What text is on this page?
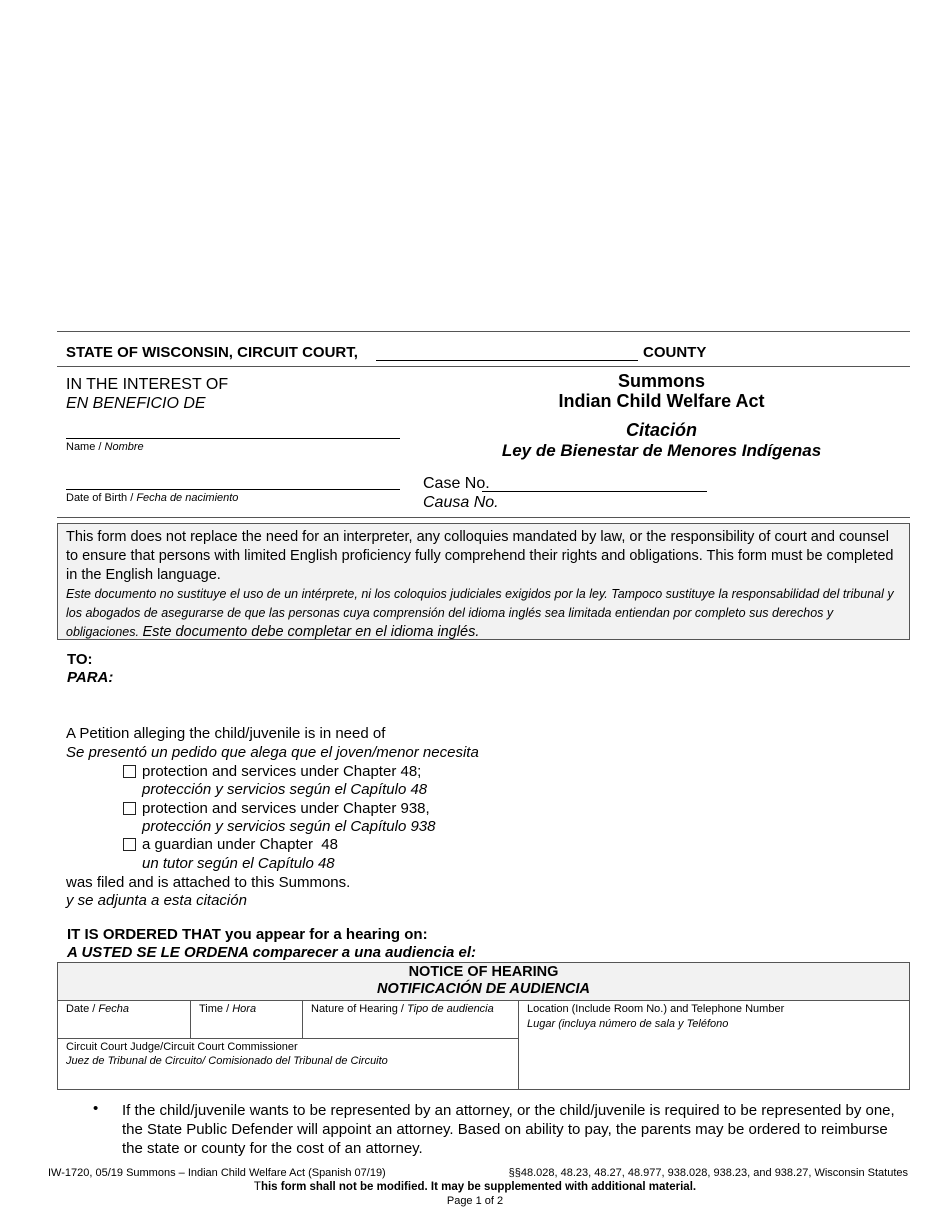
STATE OF WISCONSIN, CIRCUIT COURT,	COUNTY
IN THE INTEREST OF
EN BENEFICIO DE
Name / Nombre
Date of Birth / Fecha de nacimiento
Summons
Indian Child Welfare Act
Citación
Ley de Bienestar de Menores Indígenas
Case No.
Causa No.

This form does not replace the need for an interpreter, any colloquies mandated by law, or the responsibility of court and counsel to ensure that persons with limited English proficiency fully comprehend their rights and obligations. This form must be completed in the English language.

Este documento no sustituye el uso de un intérprete, ni los coloquios judiciales exigidos por la ley. Tampoco sustituye la responsabilidad del tribunal y los abogados de asegurarse de que las personas cuya comprensión del idioma inglés sea limitada entiendan por completo sus derechos y obligaciones. Este documento debe completar en el idioma inglés.

TO:
PARA:
A Petition alleging the child/juvenile is in need of
Se presentó un pedido que alega que el joven/menor necesita
protection and services under Chapter 48;
protección y servicios según el Capítulo 48
protection and services under Chapter 938,
protección y servicios según el Capítulo 938
a guardian under Chapter  48
un tutor según el Capítulo 48
was filed and is attached to this Summons.
y se adjunta a esta citación
IT IS ORDERED THAT you appear for a hearing on:
A USTED SE LE ORDENA comparecer a una audiencia el:
NOTICE OF HEARING
NOTIFICACIÓN DE AUDIENCIA
Date / Fecha	Time / Hora	Nature of Hearing / Tipo de audiencia	Location (Include Room No.) and Telephone Number
Lugar (incluya número de sala y Teléfono
Circuit Court Judge/Circuit Court Commissioner
Juez de Tribunal de Circuito/ Comisionado del Tribunal de Circuito
• If the child/juvenile wants to be represented by an attorney, or the child/juvenile is required to be represented by one, the State Public Defender will appoint an attorney. Based on ability to pay, the parents may be ordered to reimburse the state or county for the cost of an attorney.
IW-1720, 05/19 Summons – Indian Child Welfare Act (Spanish 07/19)	§§48.028, 48.23, 48.27, 48.977, 938.028, 938.23, and 938.27, Wisconsin Statutes
This form shall not be modified. It may be supplemented with additional material.
Page 1 of 2
